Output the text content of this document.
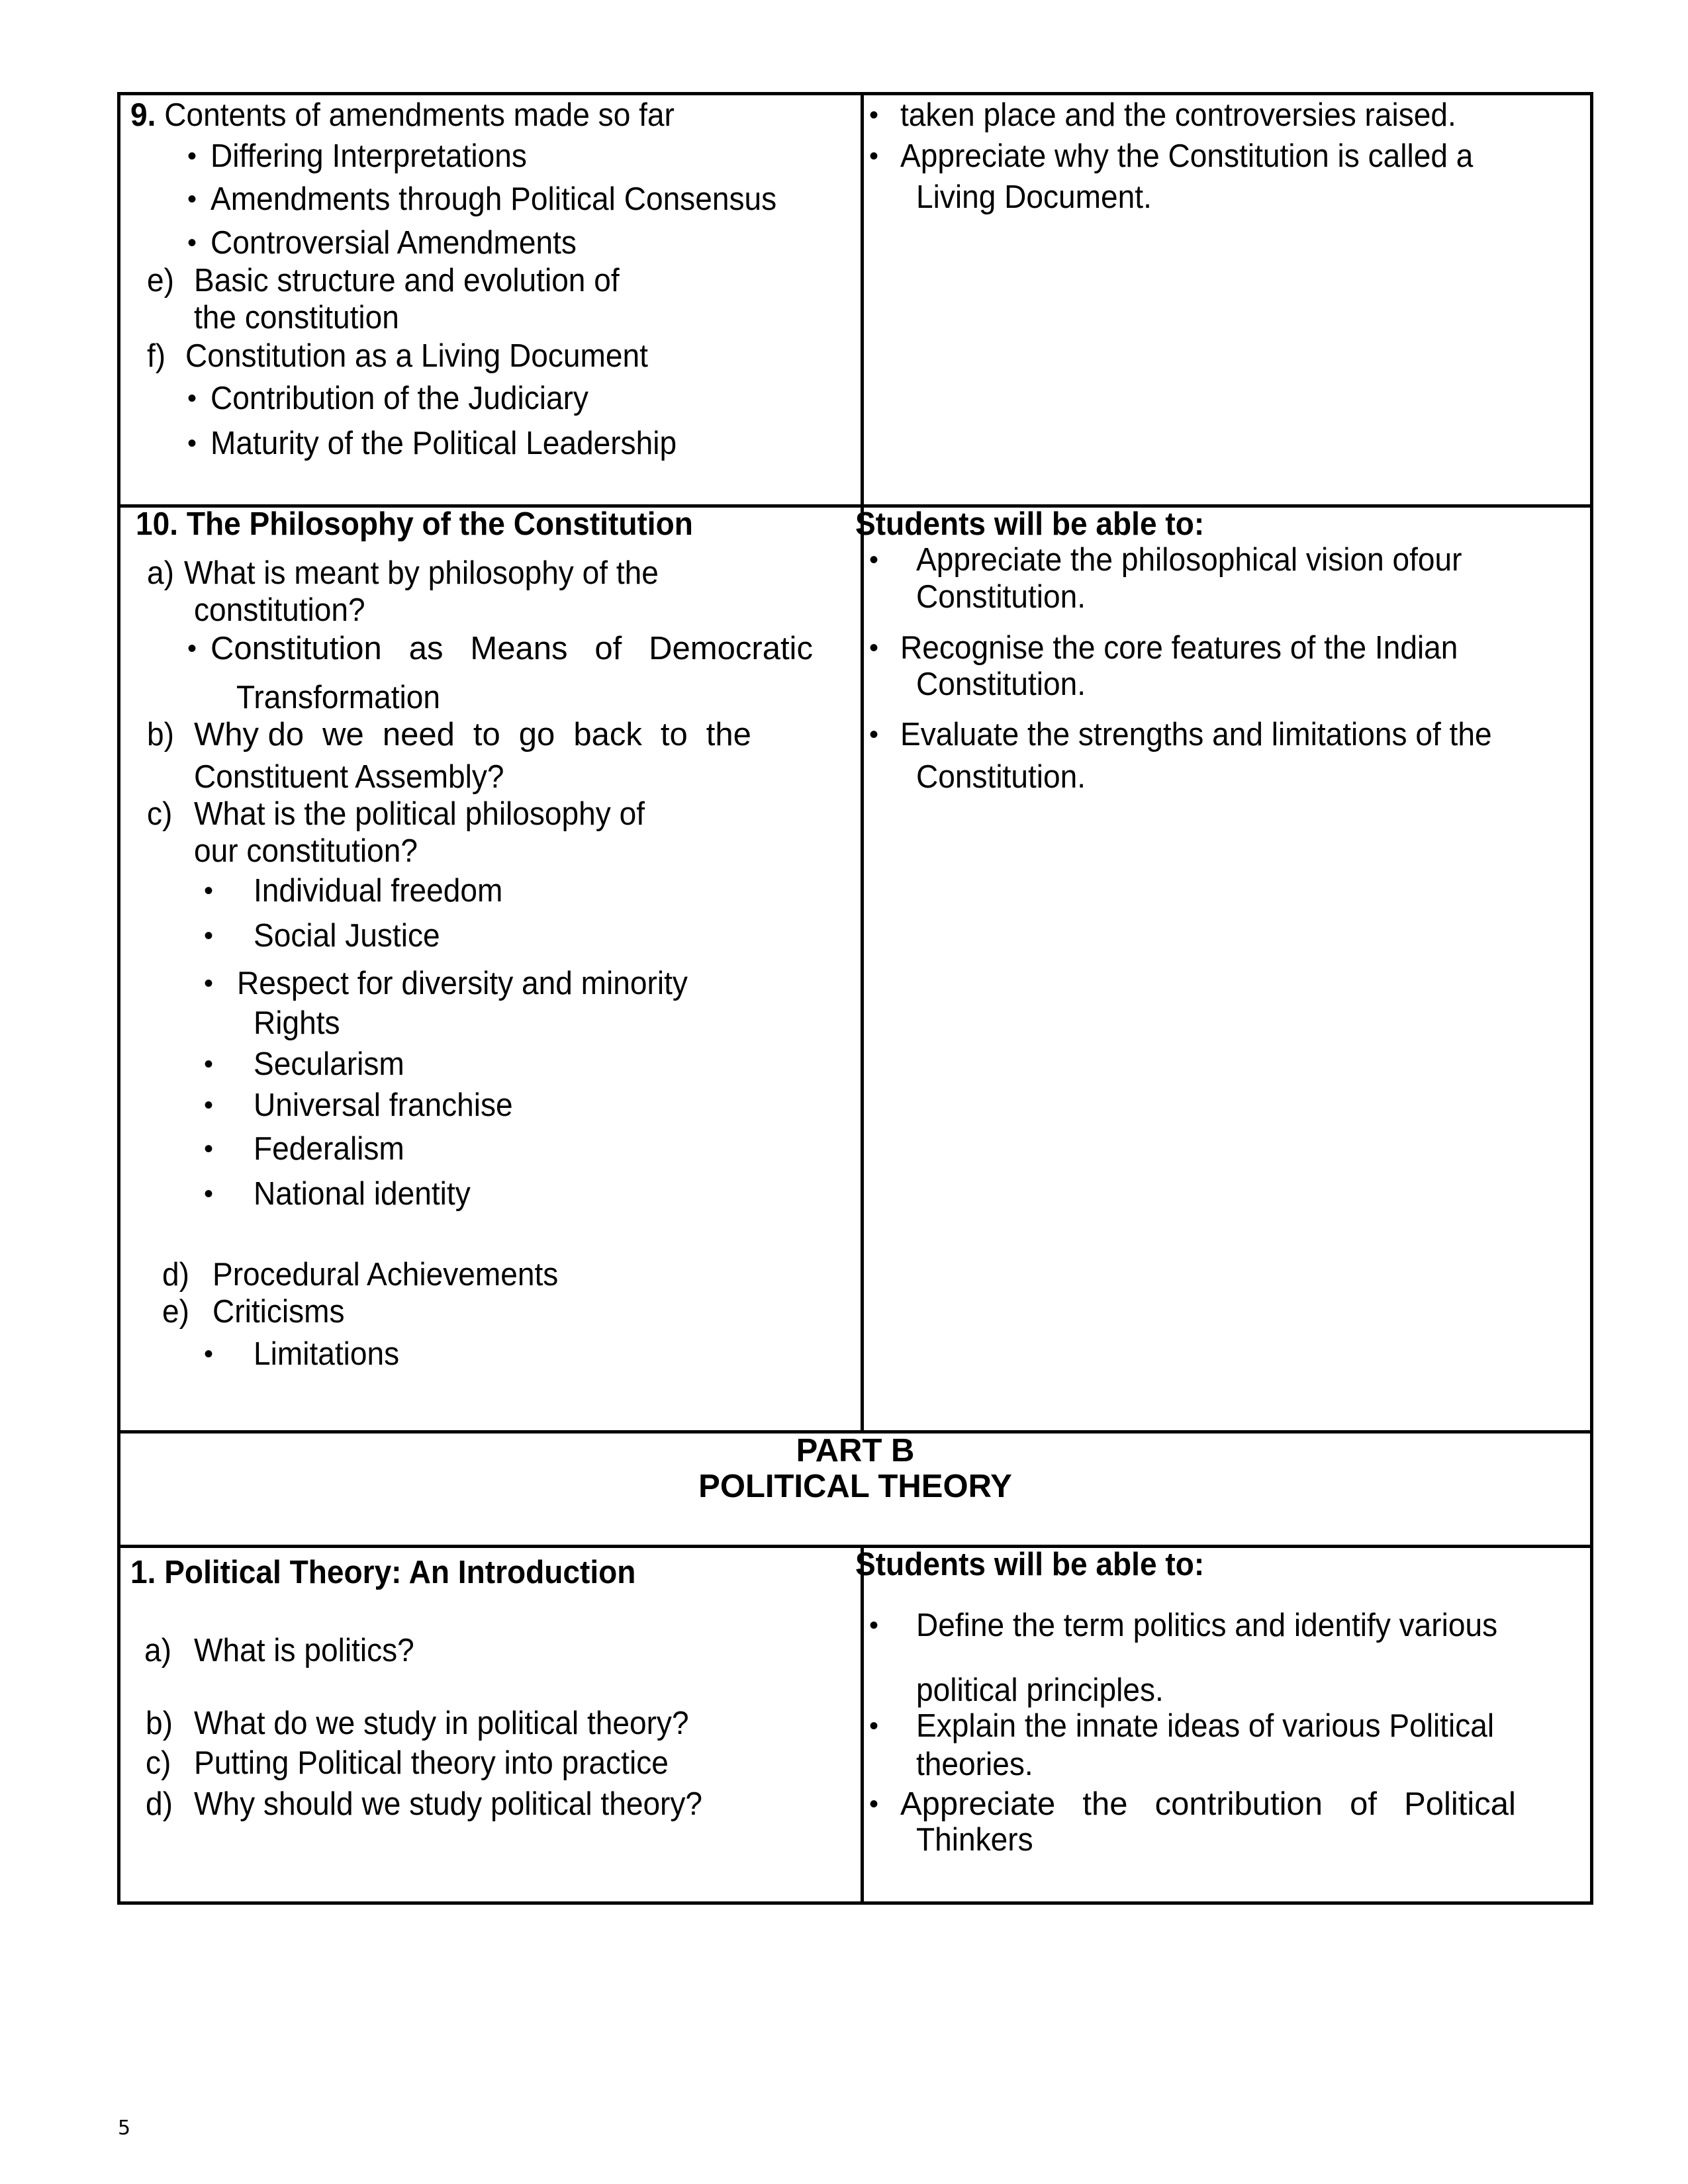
9. Contents of amendments made so far
• Differing Interpretations
• Amendments through Political Consensus
• Controversial Amendments
e) Basic structure and evolution of
the constitution
f) Constitution as a Living Document
• Contribution of the Judiciary
• Maturity of the Political Leadership
• taken place and the controversies raised.
• Appreciate why the Constitution is called a
Living Document.
10. The Philosophy of the Constitution
a) What is meant by philosophy of the
constitution?
• Constitution as Means of Democratic
Transformation
b) Why do we need to go back to the
Constituent Assembly?
c) What is the political philosophy of
our constitution?
• Individual freedom
• Social Justice
• Respect for diversity and minority
Rights
• Secularism
• Universal franchise
• Federalism
• National identity
d) Procedural Achievements
e) Criticisms
• Limitations
Students will be able to:
• Appreciate the philosophical vision ofour
Constitution.
• Recognise the core features of the Indian
Constitution.
• Evaluate the strengths and limitations of the
Constitution.
PART B
POLITICAL THEORY
1. Political Theory: An Introduction
a) What is politics?
b) What do we study in political theory?
c) Putting Political theory into practice
d) Why should we study political theory?
Students will be able to:
• Define the term politics and identify various
political principles.
• Explain the innate ideas of various Political
theories.
• Appreciate the contribution of Political
Thinkers
5
